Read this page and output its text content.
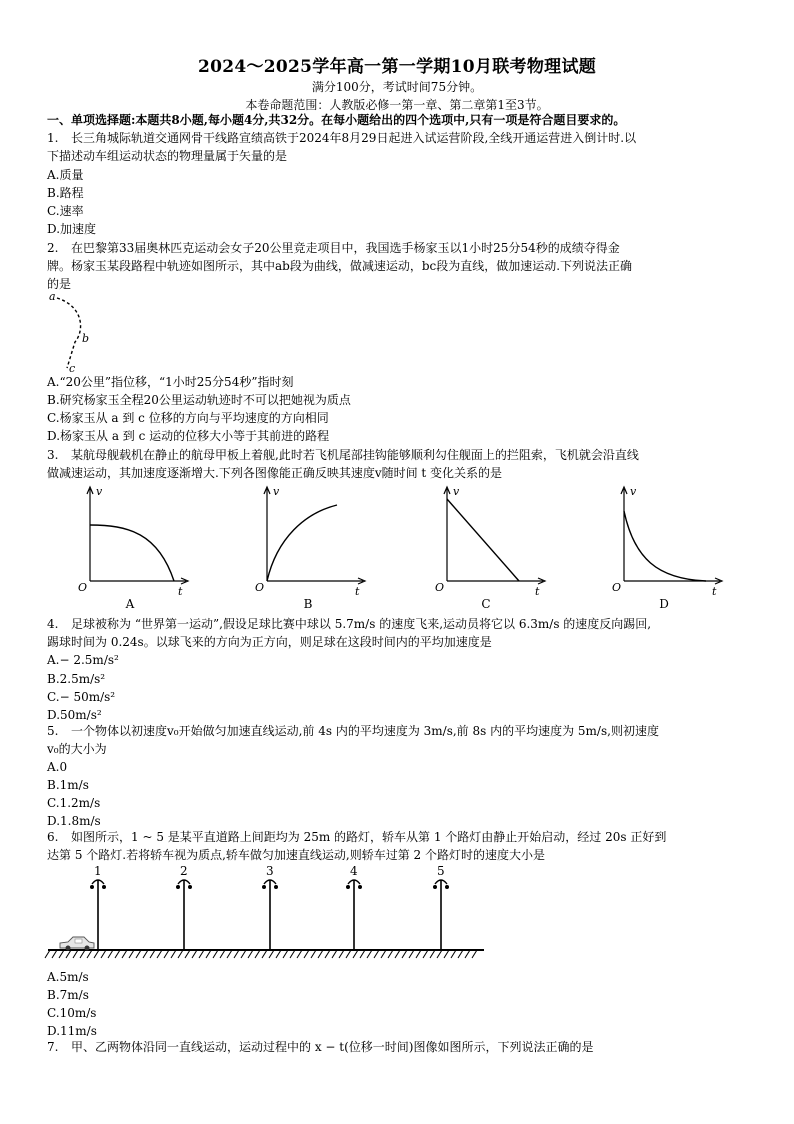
2024～2025学年高一第一学期10月联考物理试题
满分100分，考试时间75分钟。
本卷命题范围：人教版必修一第一章、第二章第1至3节。
一、单项选择题:本题共8小题,每小题4分,共32分。在每小题给出的四个选项中,只有一项是符合题目要求的。
1. 长三角城际轨道交通网骨干线路宣绩高铁于2024年8月29日起进入试运营阶段,全线开通运营进入倒计时.以
下描述动车组运动状态的物理量属于矢量的是
A.质量
B.路程
C.速率
D.加速度
2. 在巴黎第33届奥林匹克运动会女子20公里竞走项目中，我国选手杨家玉以1小时25分54秒的成绩夺得金
牌。杨家玉某段路程中轨迹如图所示，其中ab段为曲线，做减速运动，bc段为直线，做加速运动.下列说法正确
的是
a
b
c
A.“20公里”指位移，“1小时25分54秒”指时刻
B.研究杨家玉全程20公里运动轨迹时不可以把她视为质点
C.杨家玉从 a 到 c 位移的方向与平均速度的方向相同
D.杨家玉从 a 到 c 运动的位移大小等于其前进的路程
3. 某航母舰载机在静止的航母甲板上着舰,此时若飞机尾部挂钩能够顺利勾住舰面上的拦阻索，飞机就会沿直线
做减速运动，其加速度逐渐增大.下列各图像能正确反映其速度v随时间 t 变化关系的是
v
O	t
A
v
O	t
B
v
O	t
C
v
O	t
D
4. 足球被称为 “世界第一运动”,假设足球比赛中球以 5.7m/s 的速度飞来,运动员将它以 6.3m/s 的速度反向踢回,
踢球时间为 0.24s。以球飞来的方向为正方向，则足球在这段时间内的平均加速度是
A.− 2.5m/s²
B.2.5m/s²
C.− 50m/s²
D.50m/s²
5. 一个物体以初速度v₀开始做匀加速直线运动,前 4s 内的平均速度为 3m/s,前 8s 内的平均速度为 5m/s,则初速度
v₀的大小为
A.0
B.1m/s
C.1.2m/s
D.1.8m/s
6. 如图所示，1 ~ 5 是某平直道路上间距均为 25m 的路灯，轿车从第 1 个路灯由静止开始启动，经过 20s 正好到
达第 5 个路灯.若将轿车视为质点,轿车做匀加速直线运动,则轿车过第 2 个路灯时的速度大小是
1	2	3	4	5
A.5m/s
B.7m/s
C.10m/s
D.11m/s
7. 甲、乙两物体沿同一直线运动，运动过程中的 x − t(位移一时间)图像如图所示，下列说法正确的是
